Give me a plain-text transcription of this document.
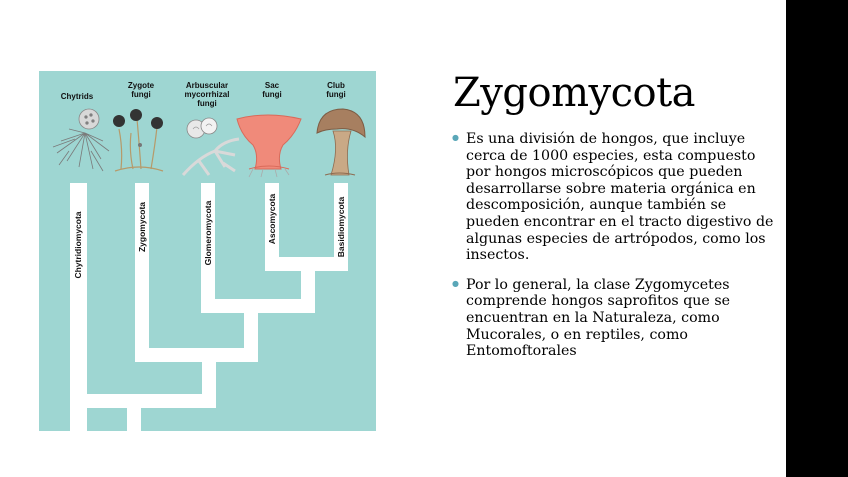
Chytrids
Zygote
fungi
Arbuscular
mycorrhizal
fungi
Sac
fungi
Club
fungi
Chytridiomycota	Zygomycota	Glomeromycota	Ascomycota	Basidiomycota
Zygomycota
● Es una división de hongos, que incluye cerca de 1000 especies, esta compuesto por hongos microscópicos que pueden desarrollarse sobre materia orgánica en descomposición, aunque también se pueden encontrar en el tracto digestivo de algunas especies de artrópodos, como los insectos.
● Por lo general, la clase Zygomycetes comprende hongos saprofitos que se encuentran en la Naturaleza, como Mucorales, o en reptiles, como Entomoftorales
